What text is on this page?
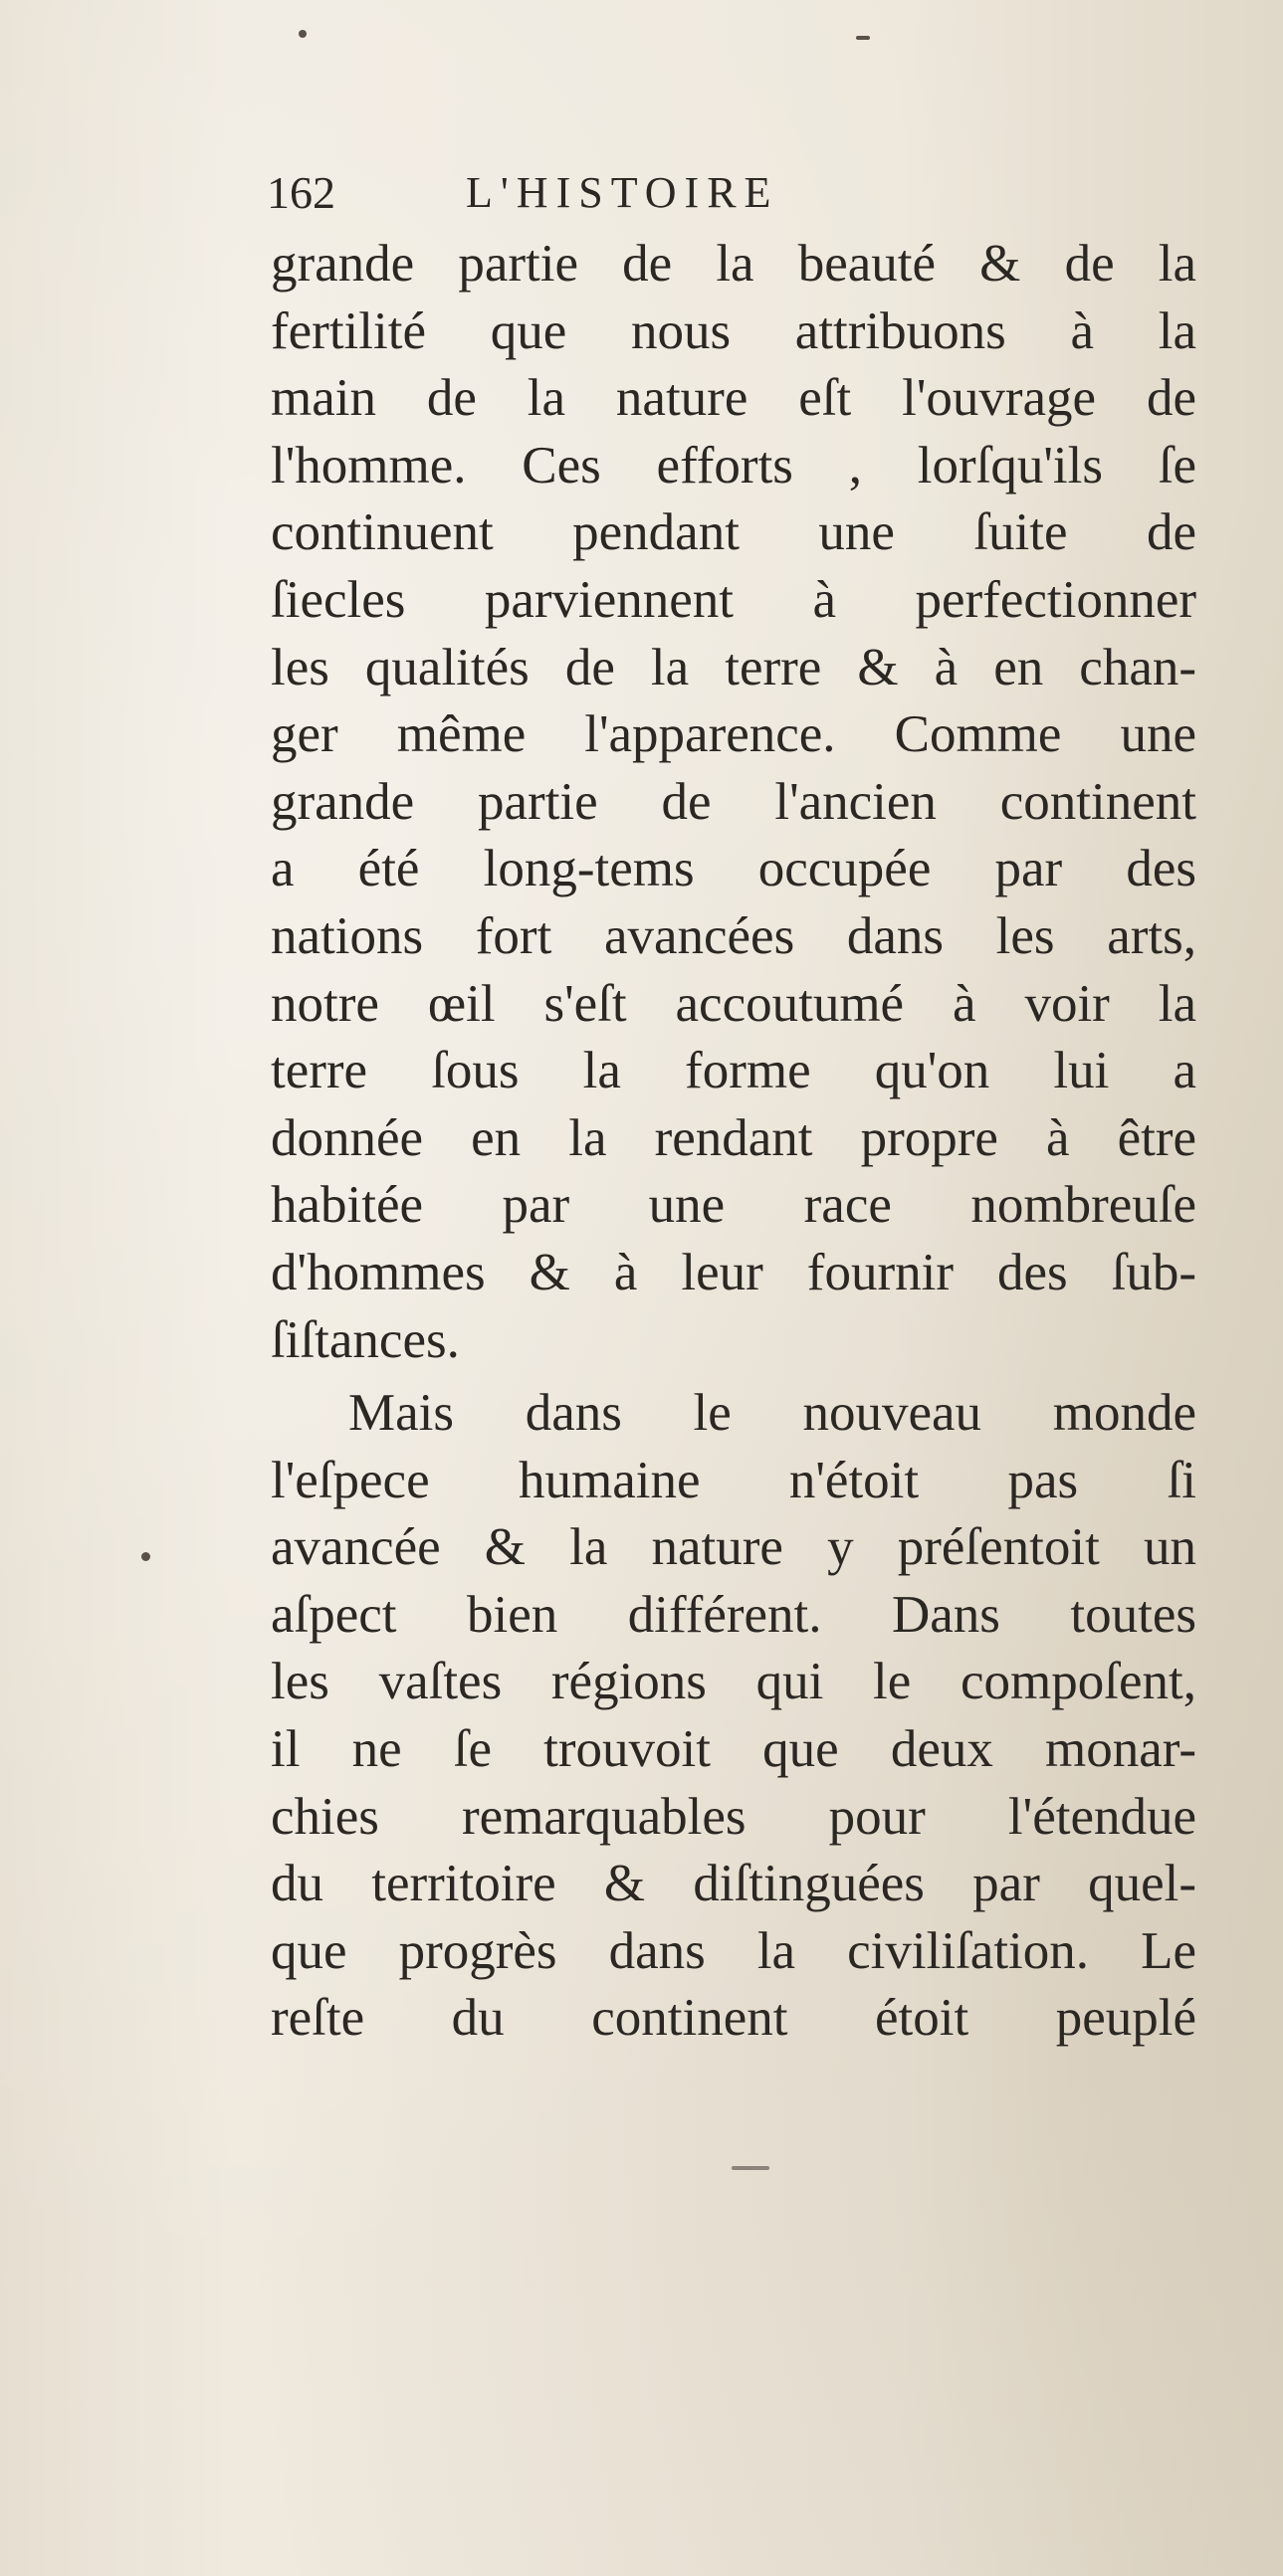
162	L'HISTOIRE
grande partie de la beauté & de la
fertilité que nous attribuons à la
main de la nature eſt l'ouvrage de
l'homme. Ces efforts , lorſqu'ils ſe
continuent pendant une ſuite de
ſiecles parviennent à perfectionner
les qualités de la terre & à en chan-
ger même l'apparence. Comme une
grande partie de l'ancien continent
a été long-tems occupée par des
nations fort avancées dans les arts,
notre œil s'eſt accoutumé à voir la
terre ſous la forme qu'on lui a
donnée en la rendant propre à être
habitée par une race nombreuſe
d'hommes & à leur fournir des ſub-
ſiſtances.
Mais dans le nouveau monde
l'eſpece humaine n'étoit pas ſi
avancée & la nature y préſentoit un
aſpect bien différent. Dans toutes
les vaſtes régions qui le compoſent,
il ne ſe trouvoit que deux monar-
chies remarquables pour l'étendue
du territoire & diſtinguées par quel-
que progrès dans la civiliſation. Le
reſte du continent étoit peuplé
